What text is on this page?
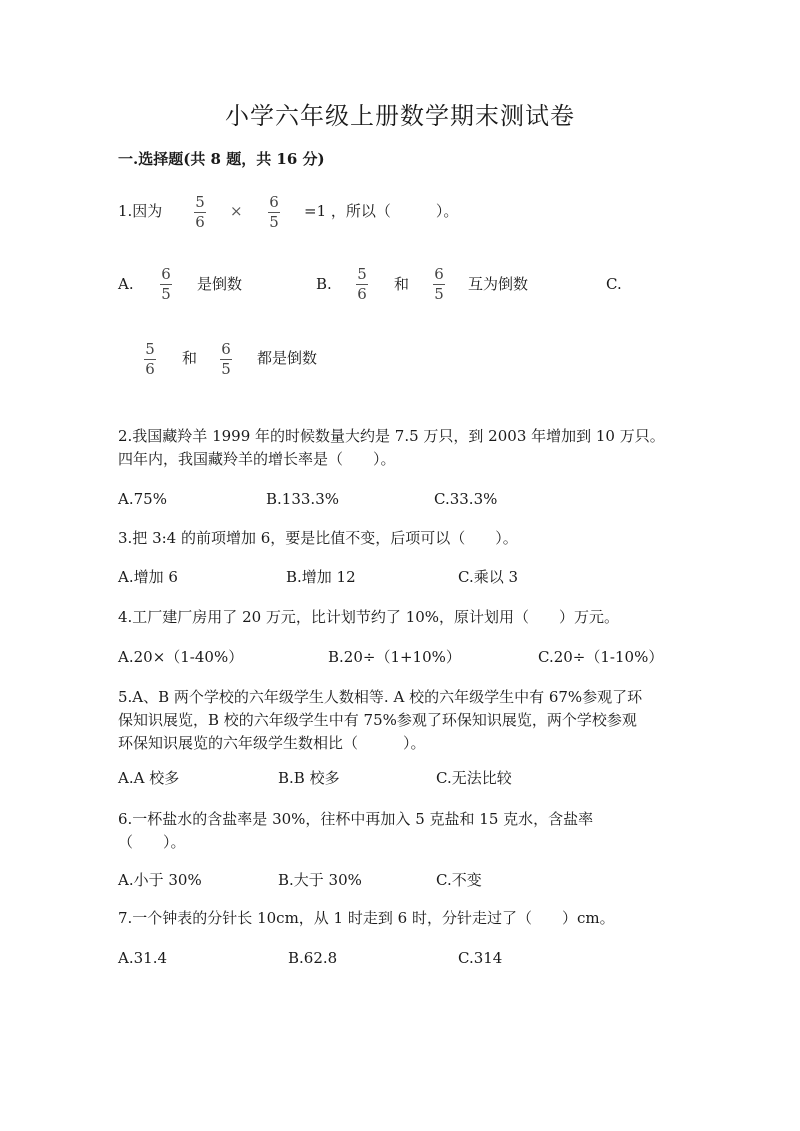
小学六年级上册数学期末测试卷
一.选择题(共 8 题，共 16 分)
1.因为 5
6
× 6
5
=1 ，所以（　　　）。
A.
6
5
是倒数	B.
5
6
和
6
5
互为倒数	C.
5
6
和 6
5
都是倒数
2.我国藏羚羊 1999 年的时候数量大约是 7.5 万只，到 2003 年增加到 10 万只。
四年内，我国藏羚羊的增长率是（　　）。
A.75%	B.133.3%	C.33.3%
3.把 3:4 的前项增加 6，要是比值不变，后项可以（　　）。
A.增加 6	B.增加 12	C.乘以 3
4.工厂建厂房用了 20 万元，比计划节约了 10%，原计划用（　　）万元。
A.20×（1-40%）	B.20÷（1+10%）	C.20÷（1-10%）
5.A、B 两个学校的六年级学生人数相等. A 校的六年级学生中有 67%参观了环
保知识展览，B 校的六年级学生中有 75%参观了环保知识展览，两个学校参观
环保知识展览的六年级学生数相比（　　　）。
A.A 校多	B.B 校多	C.无法比较
6.一杯盐水的含盐率是 30%，往杯中再加入 5 克盐和 15 克水，含盐率
（　　）。
A.小于 30%	B.大于 30%	C.不变
7.一个钟表的分针长 10cm，从 1 时走到 6 时，分针走过了（　　）cm。
A.31.4	B.62.8	C.314
